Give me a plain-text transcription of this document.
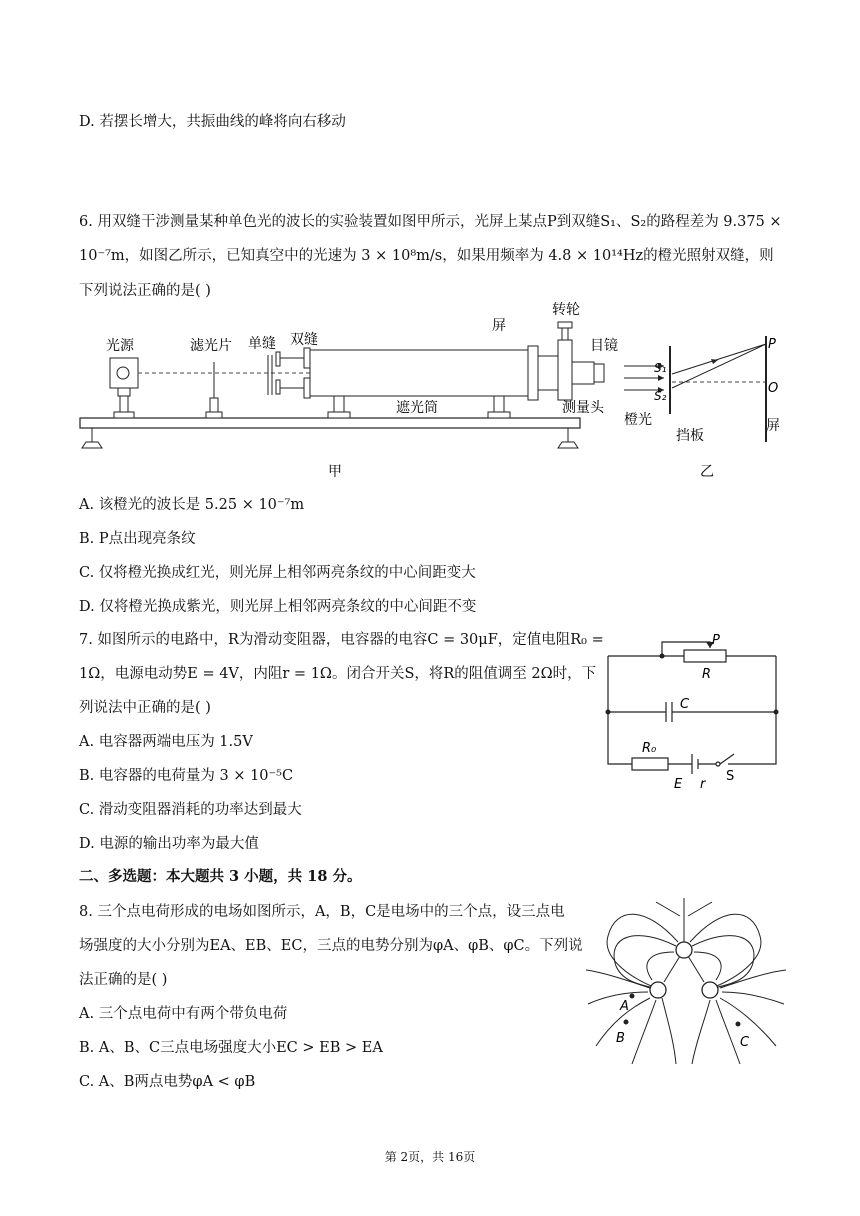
D. 若摆长增大，共振曲线的峰将向右移动
6. 用双缝干涉测量某种单色光的波长的实验装置如图甲所示，光屏上某点P到双缝S₁、S₂的路程差为 9.375 ×
10⁻⁷m，如图乙所示，已知真空中的光速为 3 × 10⁸m/s，如果用频率为 4.8 × 10¹⁴Hz的橙光照射双缝，则
下列说法正确的是( )
光源	滤光片 单缝 双缝
屏
转轮
目镜
遮光筒	测量头
甲
S₁
S₂
P
O
橙光
挡板
屏
乙
A. 该橙光的波长是 5.25 × 10⁻⁷m
B. P点出现亮条纹
C. 仅将橙光换成红光，则光屏上相邻两亮条纹的中心间距变大
D. 仅将橙光换成紫光，则光屏上相邻两亮条纹的中心间距不变
7. 如图所示的电路中，R为滑动变阻器，电容器的电容C = 30μF，定值电阻R₀ =
1Ω，电源电动势E = 4V，内阻r = 1Ω。闭合开关S，将R的阻值调至 2Ω时，下
列说法中正确的是( )
A. 电容器两端电压为 1.5V
B. 电容器的电荷量为 3 × 10⁻⁵C
C. 滑动变阻器消耗的功率达到最大
D. 电源的输出功率为最大值
P
R
C
R₀
E r
S
二、多选题：本大题共 3 小题，共 18 分。
8. 三个点电荷形成的电场如图所示，A，B，C是电场中的三个点，设三点电
场强度的大小分别为EA、EB、EC，三点的电势分别为φA、φB、φC。下列说
法正确的是( )
A. 三个点电荷中有两个带负电荷
B. A、B、C三点电场强度大小EC > EB > EA
C. A、B两点电势φA < φB
A
B	C
第 2页，共 16页
